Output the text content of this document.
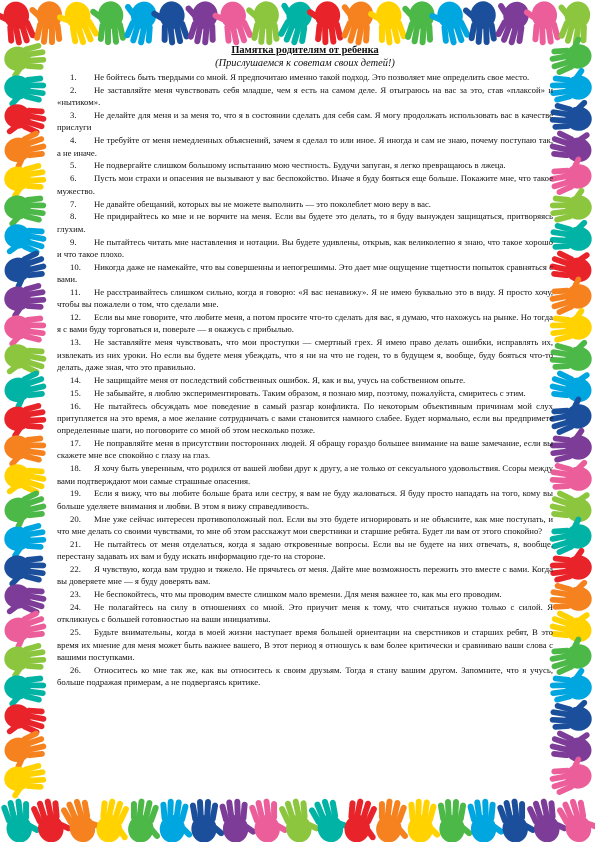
Памятка родителям от ребенка

(Прислушаемся к советам своих детей!)

1. Не бойтесь быть твердыми со мной. Я предпочитаю именно такой подход. Это позволяет мне определить свое место.

2. Не заставляйте меня чувствовать себя младше, чем я есть на самом деле. Я отыграюсь на вас за это, став «плаксой» и «нытиком».

3. Не делайте для меня и за меня то, что я в состоянии сделать для себя сам. Я могу продолжать использовать вас в качестве прислуги

4. Не требуйте от меня немедленных объяснений, зачем я сделал то или иное. Я иногда и сам не знаю, почему поступаю так, а не иначе.

5. Не подвергайте слишком большому испытанию мою честность. Будучи запуган, я легко превращаюсь в лжеца.

6. Пусть мои страхи и опасения не вызывают у вас беспокойство. Иначе я буду бояться еще больше. Покажите мне, что такое мужество.

7. Не давайте обещаний, которых вы не можете выполнить — это поколеблет мою веру в вас.

8. Не придирайтесь ко мне и не ворчите на меня. Если вы будете это делать, то я буду вынужден защищаться, притворяясь глухим.

9. Не пытайтесь читать мне наставления и нотации. Вы будете удивлены, открыв, как великолепно я знаю, что такое хорошо и что такое плохо.

10. Никогда даже не намекайте, что вы совершенны и непогрешимы. Это дает мне ощущение тщетности попыток сравняться с вами.

11. Не расстраивайтесь слишком сильно, когда я говорю: «Я вас ненавижу». Я не имею буквально это в виду. Я просто хочу, чтобы вы пожалели о том, что сделали мне.

12. Если вы мне говорите, что любите меня, а потом просите что-то сделать для вас, я думаю, что нахожусь на рынке. Но тогда я с вами буду торговаться и, поверьте — я окажусь с прибылью.

13. Не заставляйте меня чувствовать, что мои проступки — смертный грех. Я имею право делать ошибки, исправлять их, извлекать из них уроки. Но если вы будете меня убеждать, что я ни на что не годен, то в будущем я, вообще, буду бояться что-то делать, даже зная, что это правильно.

14. Не защищайте меня от последствий собственных ошибок. Я, как и вы, учусь на собственном опыте.

15. Не забывайте, я люблю экспериментировать. Таким образом, я познаю мир, поэтому, пожалуйста, смиритесь с этим.

16. Не пытайтесь обсуждать мое поведение в самый разгар конфликта. По некоторым объективным причинам мой слух притупляется на это время, а мое желание сотрудничать с вами становится намного слабее. Будет нормально, если вы предпримете определенные шаги, но поговорите со мной об этом несколько позже.

17. Не поправляйте меня в присутствии посторонних людей. Я обращу гораздо большее внимание на ваше замечание, если вы скажете мне все спокойно с глазу на глаз.

18. Я хочу быть уверенным, что родился от вашей любви друг к другу, а не только от сексуального удовольствия. Ссоры между вами подтверждают мои самые страшные опасения.

19. Если я вижу, что вы любите больше брата или сестру, я вам не буду жаловаться. Я буду просто нападать на того, кому вы больше уделяете внимания и любви. В этом я вижу справедливость.

20. Мне уже сейчас интересен противоположный пол. Если вы это будете игнорировать и не объясните, как мне поступать, и что мне делать со своими чувствами, то мне об этом расскажут мои сверстники и старшие ребята. Будет ли вам от этого спокойно?

21. Не пытайтесь от меня отделаться, когда я задаю откровенные вопросы. Если вы не будете на них отвечать, я, вообще, перестану задавать их вам и буду искать информацию где-то на стороне.

22. Я чувствую, когда вам трудно и тяжело. Не прячьтесь от меня. Дайте мне возможность пережить это вместе с вами. Когда вы доверяете мне — я буду доверять вам.

23. Не беспокойтесь, что мы проводим вместе слишком мало времени. Для меня важнее то, как мы его проводим.

24. Не полагайтесь на силу в отношениях со мной. Это приучит меня к тому, что считаться нужно только с силой. Я откликнусь с большей готовностью на ваши инициативы.

25. Будьте внимательны, когда в моей жизни наступает время большей ориентации на сверстников и старших ребят, В это время их мнение для меня может быть важнее вашего, В этот период я отношусь к вам более критически и сравниваю ваши слова с вашими поступками.

26. Относитесь ко мне так же, как вы относитесь к своим друзьям. Тогда я стану вашим другом. Запомните, что я учусь, больше подражая примерам, а не подвергаясь критике.
